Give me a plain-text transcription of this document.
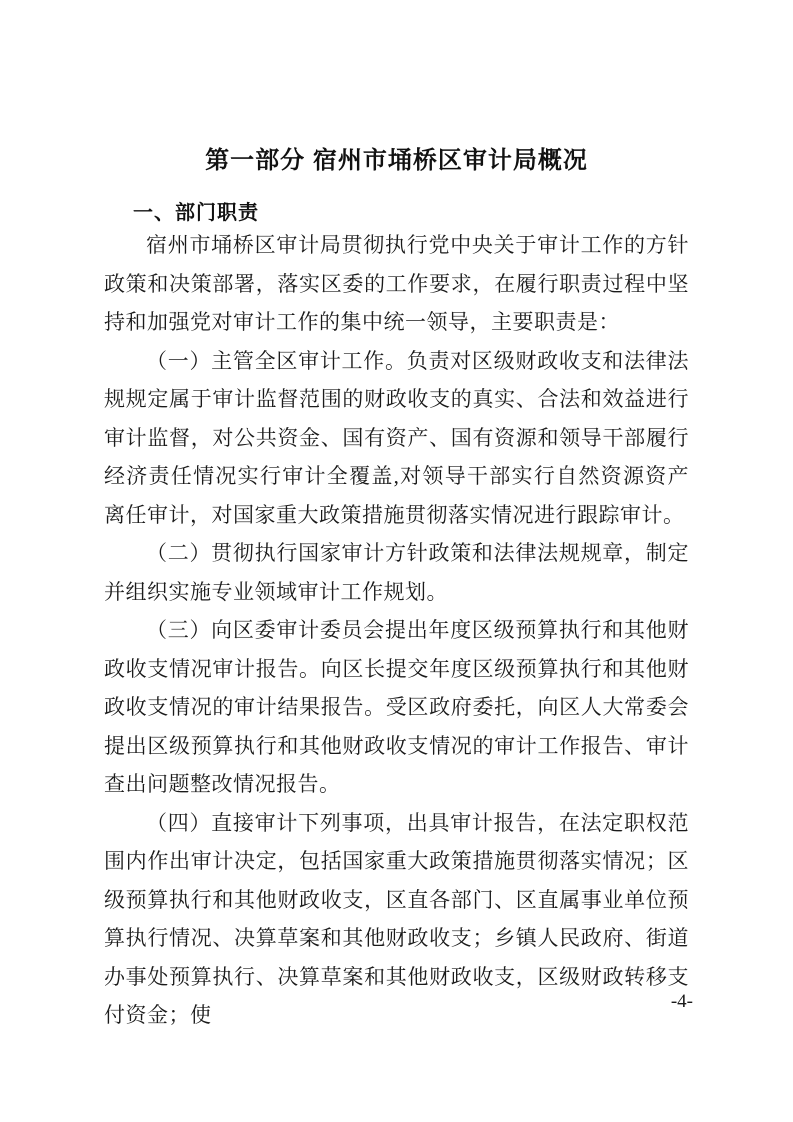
第一部分 宿州市埇桥区审计局概况
一、部门职责

宿州市埇桥区审计局贯彻执行党中央关于审计工作的方针政策和决策部署，落实区委的工作要求，在履行职责过程中坚持和加强党对审计工作的集中统一领导，主要职责是：

（一）主管全区审计工作。负责对区级财政收支和法律法规规定属于审计监督范围的财政收支的真实、合法和效益进行审计监督，对公共资金、国有资产、国有资源和领导干部履行经济责任情况实行审计全覆盖,对领导干部实行自然资源资产离任审计，对国家重大政策措施贯彻落实情况进行跟踪审计。

（二）贯彻执行国家审计方针政策和法律法规规章，制定并组织实施专业领域审计工作规划。

（三）向区委审计委员会提出年度区级预算执行和其他财政收支情况审计报告。向区长提交年度区级预算执行和其他财政收支情况的审计结果报告。受区政府委托，向区人大常委会提出区级预算执行和其他财政收支情况的审计工作报告、审计查出问题整改情况报告。

（四）直接审计下列事项，出具审计报告，在法定职权范围内作出审计决定，包括国家重大政策措施贯彻落实情况；区级预算执行和其他财政收支，区直各部门、区直属事业单位预算执行情况、决算草案和其他财政收支；乡镇人民政府、街道办事处预算执行、决算草案和其他财政收支，区级财政转移支付资金；使

-4-
